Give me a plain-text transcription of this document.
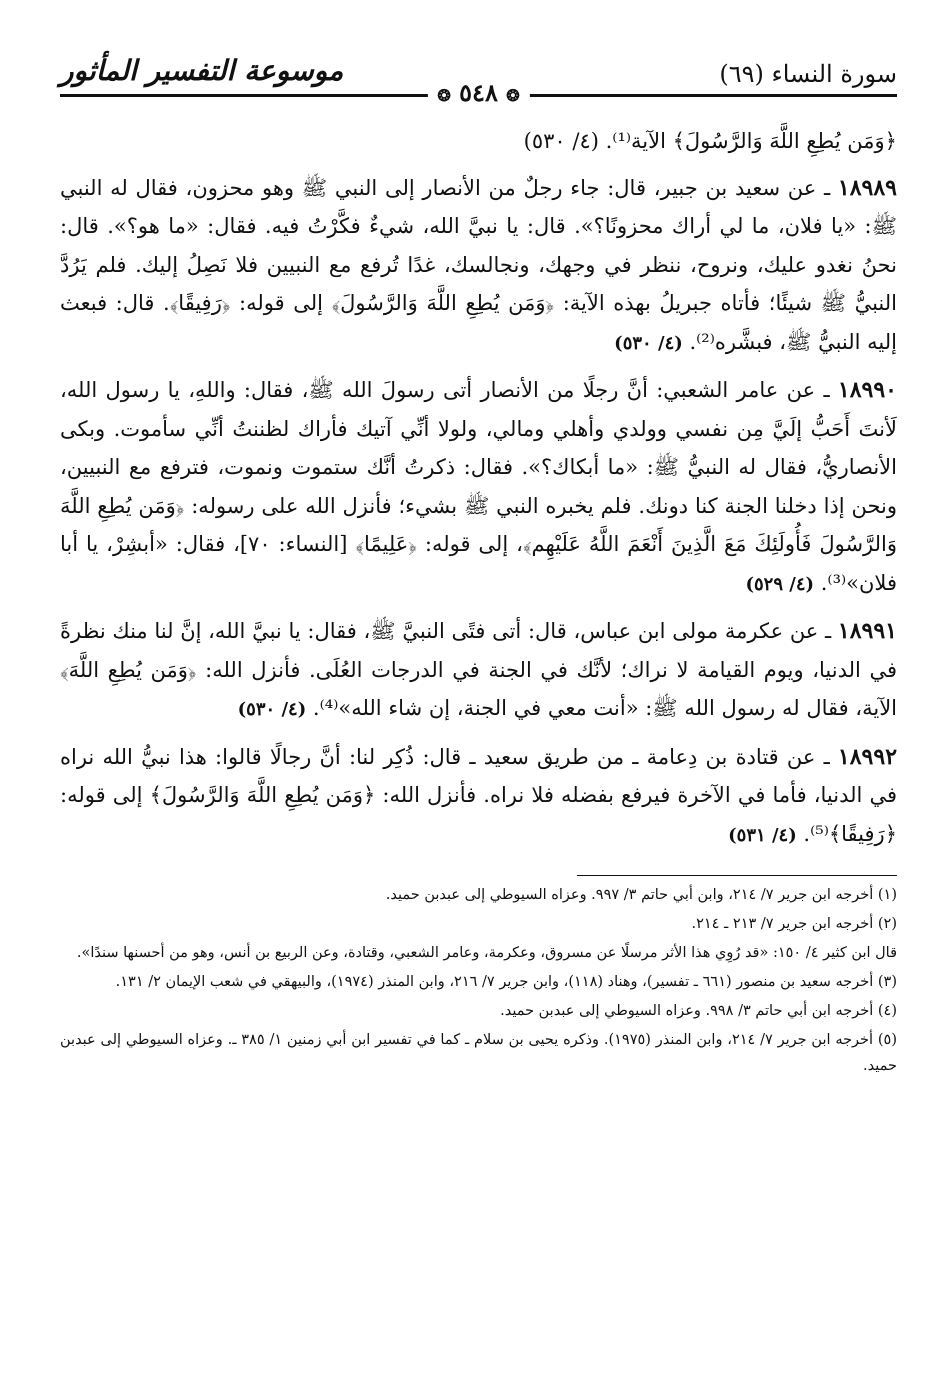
سورة النساء (٦٩)
موسوعة التفسير المأثور
❂ ٥٤٨ ❂

﴿وَمَن يُطِعِ اللَّهَ وَالرَّسُولَ﴾ الآية⁽¹⁾. (٤/ ٥٣٠)

١٨٩٨٩ ـ عن سعيد بن جبير، قال: جاء رجلٌ من الأنصار إلى النبي ﷺ وهو محزون، فقال له النبي ﷺ: «يا فلان، ما لي أراك محزونًا؟». قال: يا نبيَّ الله، شيءٌ فكَّرْتُ فيه. فقال: «ما هو؟». قال: نحنُ نغدو عليك، ونروح، ننظر في وجهك، ونجالسك، غدًا تُرفع مع النبيين فلا نَصِلُ إليك. فلم يَرُدَّ النبيُّ ﷺ شيئًا؛ فأتاه جبريلُ بهذه الآية: ﴿وَمَن يُطِعِ اللَّهَ وَالرَّسُولَ﴾ إلى قوله: ﴿رَفِيقًا﴾. قال: فبعث إليه النبيُّ ﷺ، فبشَّره⁽²⁾. (٤/ ٥٣٠)

١٨٩٩٠ ـ عن عامر الشعبي: أنَّ رجلًا من الأنصار أتى رسولَ الله ﷺ، فقال: واللهِ، يا رسول الله، لَأنتَ أَحَبُّ إلَيَّ مِن نفسي وولدي وأهلي ومالي، ولولا أنِّي آتيك فأراك لظننتُ أنِّي سأموت. وبكى الأنصاريُّ، فقال له النبيُّ ﷺ: «ما أبكاك؟». فقال: ذكرتُ أنَّك ستموت ونموت، فترفع مع النبيين، ونحن إذا دخلنا الجنة كنا دونك. فلم يخبره النبي ﷺ بشيء؛ فأنزل الله على رسوله: ﴿وَمَن يُطِعِ اللَّهَ وَالرَّسُولَ فَأُولَئِكَ مَعَ الَّذِينَ أَنْعَمَ اللَّهُ عَلَيْهِم﴾، إلى قوله: ﴿عَلِيمًا﴾ [النساء: ٧٠]، فقال: «أبشِرْ، يا أبا فلان»⁽³⁾. (٤/ ٥٢٩)

١٨٩٩١ ـ عن عكرمة مولى ابن عباس، قال: أتى فتًى النبيَّ ﷺ، فقال: يا نبيَّ الله، إنَّ لنا منك نظرةً في الدنيا، ويوم القيامة لا نراك؛ لأنَّك في الجنة في الدرجات العُلَى. فأنزل الله: ﴿وَمَن يُطِعِ اللَّهَ﴾ الآية، فقال له رسول الله ﷺ: «أنت معي في الجنة، إن شاء الله»⁽⁴⁾. (٤/ ٥٣٠)

١٨٩٩٢ ـ عن قتادة بن دِعامة ـ من طريق سعيد ـ قال: ذُكِر لنا: أنَّ رجالًا قالوا: هذا نبيُّ الله نراه في الدنيا، فأما في الآخرة فيرفع بفضله فلا نراه. فأنزل الله: ﴿وَمَن يُطِعِ اللَّهَ وَالرَّسُولَ﴾ إلى قوله: ﴿رَفِيقًا﴾⁽⁵⁾. (٤/ ٥٣١)

(١) أخرجه ابن جرير ٧/ ٢١٤، وابن أبي حاتم ٣/ ٩٩٧. وعزاه السيوطي إلى عبدبن حميد.

(٢) أخرجه ابن جرير ٧/ ٢١٣ ـ ٢١٤.

قال ابن كثير ٤/ ١٥٠: «قد رُوِي هذا الأثر مرسلًا عن مسروق، وعكرمة، وعامر الشعبي، وقتادة، وعن الربيع بن أنس، وهو من أحسنها سندًا».

(٣) أخرجه سعيد بن منصور (٦٦١ ـ تفسير)، وهناد (١١٨)، وابن جرير ٧/ ٢١٦، وابن المنذر (١٩٧٤)، والبيهقي في شعب الإيمان ٢/ ١٣١.

(٤) أخرجه ابن أبي حاتم ٣/ ٩٩٨. وعزاه السيوطي إلى عبدبن حميد.

(٥) أخرجه ابن جرير ٧/ ٢١٤، وابن المنذر (١٩٧٥). وذكره يحيى بن سلام ـ كما في تفسير ابن أبي زمنين ١/ ٣٨٥ ـ. وعزاه السيوطي إلى عبدبن حميد.
